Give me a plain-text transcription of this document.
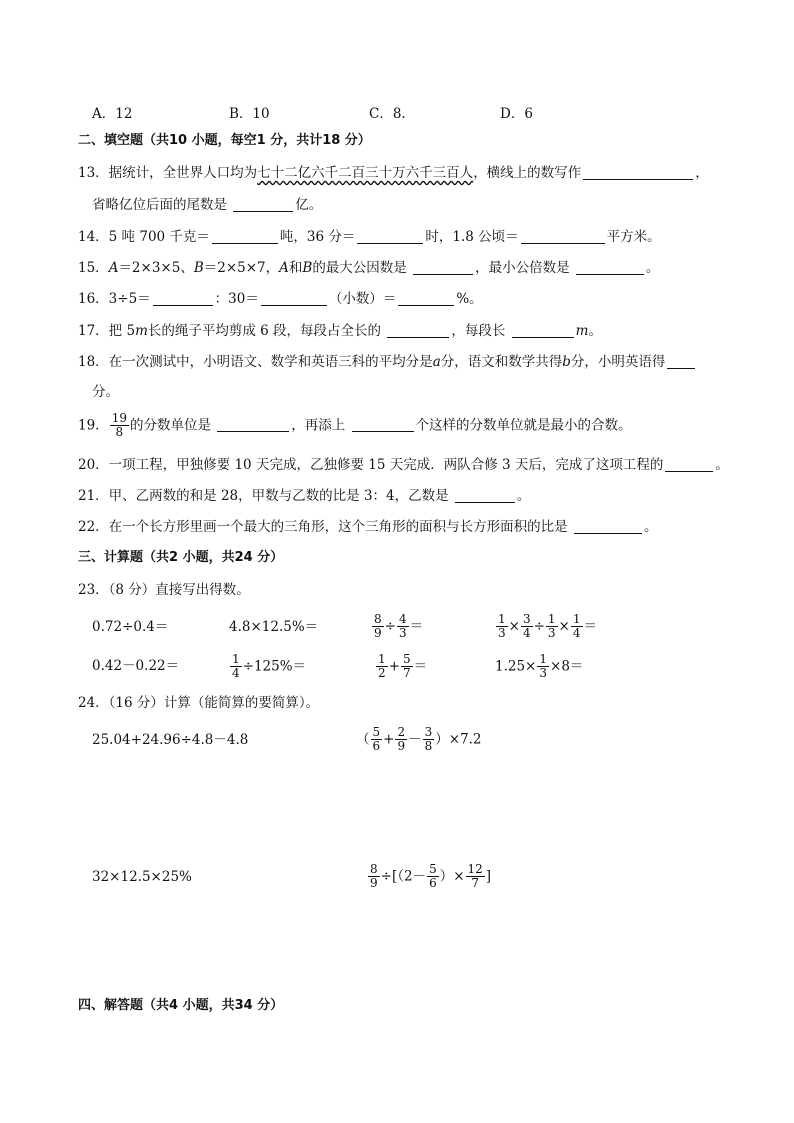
A．12	B．10	C．8.	D．6
二、填空题（共10 小题，每空1 分，共计18 分）
13．据统计，全世界人口均为七十二亿六千二百三十万六千三百人，横线上的数写作	，
省略亿位后面的尾数是	亿。
14．5 吨 700 千克＝	吨，36 分＝	时，1.8 公顷＝	平方米。
15．A＝2×3×5、B＝2×5×7，A和B的最大公因数是	，最小公倍数是	。
16．3÷5＝	：30＝	（小数）＝	%。
17．把 5m长的绳子平均剪成 6 段，每段占全长的	，每段长	m。
18．在一次测试中，小明语文、数学和英语三科的平均分是a分，语文和数学共得b分，小明英语得
分。
19． $\frac{19}{8}$ 的分数单位是	，再添上	个这样的分数单位就是最小的合数。
20．一项工程，甲独修要 10 天完成，乙独修要 15 天完成．两队合修 3 天后，完成了这项工程的	。
21．甲、乙两数的和是 28，甲数与乙数的比是 3：4，乙数是	。
22．在一个长方形里画一个最大的三角形，这个三角形的面积与长方形面积的比是	。
三、计算题（共2 小题，共24 分）
23．（8 分）直接写出得数。
0.72÷0.4＝	4.8×12.5%＝	$\frac{8}{9} \div \frac{4}{3}$ ＝	$\frac{1}{3} \times \frac{3}{4} \div \frac{1}{3} \times \frac{1}{4}$ ＝
0.42－0.22＝	$\frac{1}{4} \div 125\%=$	$\frac{1}{2} + \frac{5}{7}$ ＝	$1.25\times \frac{1}{3} \times 8=$
24．（16 分）计算（能简算的要简算）。
25.04+24.96÷4.8－4.8	（ $\frac{5}{6} + \frac{2}{9} - \frac{3}{8} )\times 7.2$
32×12.5×25%	$\frac{8}{9} \div[(2- \frac{5}{6}$ ）× $\frac{12}{7}$ ]
四、解答题（共4 小题，共34 分）
